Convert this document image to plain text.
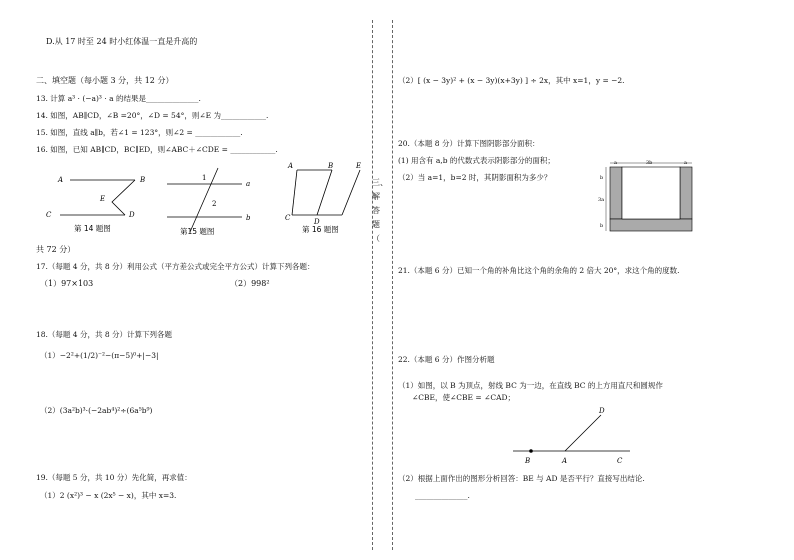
D.从 17 时至 24 时小红体温一直是升高的
二、填空题（每小题 3 分，共 12 分）
13. 计算 a³ · (−a)³ · a 的结果是______________.
14. 如图，AB∥CD，∠B =20°，∠D = 54°，则∠E 为____________.
15. 如图，直线 a∥b，若∠1 = 123°，则∠2 = ____________.
16. 如图，已知 AB∥CD，BC∥ED，则∠ABC＋∠CDE = ____________.
A	B
C	D
E
第 14 题图
1
2
a
b
第15 题图
A	B
C	D
E
第 16 题图
共 72 分）
17.（每题 4 分，共 8 分）利用公式（平方差公式或完全平方公式）计算下列各题：
（1）97×103	（2）998²
18.（每题 4 分，共 8 分）计算下列各题
（1）−2²+(1/2)⁻²−(π−5)⁰+|−3|
（2）(3a²b)³·(−2ab⁴)²÷(6a⁵b⁹)
19.（每题 5 分，共 10 分）先化简，再求值：
（1）2 (x²)³ − x (2x⁵ − x)，其中 x=3.
三、解答题（
（2）[ (x − 3y)² + (x − 3y)(x+3y) ] ÷ 2x，其中 x=1，y = −2.
20.（本题 8 分）计算下图阴影部分面积：
(1) 用含有 a,b 的代数式表示阴影部分的面积；
（2）当 a=1，b=2 时，其阴影面积为多少？
a	3b	a
b
3a
b
21.（本题 6 分）已知一个角的补角比这个角的余角的 2 倍大 20°，求这个角的度数.
22.（本题 6 分）作图分析题
（1）如图，以 B 为顶点，射线 BC 为一边，在直线 BC 的上方用直尺和圆规作
∠CBE，使∠CBE = ∠CAD；
D
B	A	C
（2）根据上面作出的图形分析回答：BE 与 AD 是否平行？直接写出结论.
______________.
